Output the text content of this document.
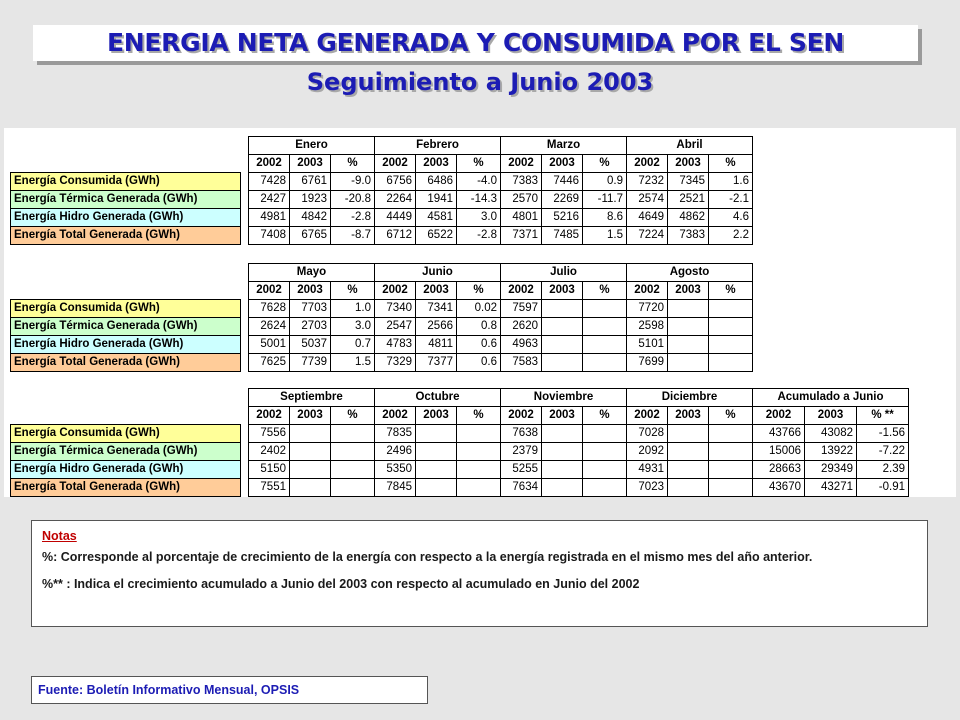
ENERGIA NETA GENERADA Y CONSUMIDA POR EL SEN
Seguimiento a Junio 2003
		Enero			Febrero			Marzo			Abril		
		2002	2003	%	2002	2003	%	2002	2003	%	2002	2003	%
Energía Consumida (GWh)		7428	6761	-9.0	6756	6486	-4.0	7383	7446	0.9	7232	7345	1.6
Energía Térmica Generada (GWh)		2427	1923	-20.8	2264	1941	-14.3	2570	2269	-11.7	2574	2521	-2.1
Energía Hidro Generada (GWh)		4981	4842	-2.8	4449	4581	3.0	4801	5216	8.6	4649	4862	4.6
Energía Total Generada (GWh)		7408	6765	-8.7	6712	6522	-2.8	7371	7485	1.5	7224	7383	2.2
		Mayo			Junio			Julio			Agosto		
		2002	2003	%	2002	2003	%	2002	2003	%	2002	2003	%
Energía Consumida (GWh)		7628	7703	1.0	7340	7341	0.02	7597			7720		
Energía Térmica Generada (GWh)		2624	2703	3.0	2547	2566	0.8	2620			2598		
Energía Hidro Generada (GWh)		5001	5037	0.7	4783	4811	0.6	4963			5101		
Energía Total Generada (GWh)		7625	7739	1.5	7329	7377	0.6	7583			7699		
		Septiembre			Octubre			Noviembre			Diciembre			Acumulado a Junio		
		2002	2003	%	2002	2003	%	2002	2003	%	2002	2003	%	2002	2003	% **
Energía Consumida (GWh)		7556			7835			7638			7028			43766	43082	-1.56
Energía Térmica Generada (GWh)		2402			2496			2379			2092			15006	13922	-7.22
Energía Hidro Generada (GWh)		5150			5350			5255			4931			28663	29349	2.39
Energía Total Generada (GWh)		7551			7845			7634			7023			43670	43271	-0.91
Notas

%: Corresponde al porcentaje de crecimiento de la energía con respecto a la energía registrada en el mismo mes del año anterior.

%** : Indica el crecimiento acumulado a Junio del 2003 con respecto al acumulado en Junio del 2002

Fuente: Boletín Informativo Mensual, OPSIS
